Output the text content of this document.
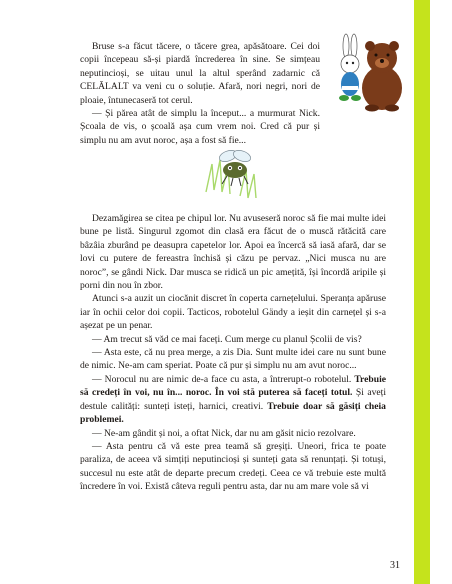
Bruse s-a făcut tăcere, o tăcere grea, apăsătoare. Cei doi copii începeau să-și piardă încrederea în sine. Se simțeau neputincioși, se uitau unul la altul sperând zadarnic că CELĂLALT va veni cu o soluție. Afară, nori negri, nori de ploaie, întunecaseră tot cerul.

— Și părea atât de simplu la început... a murmurat Nick. Școala de vis, o școală așa cum vrem noi. Cred că pur și simplu nu am avut noroc, așa a fost să fie...

Dezamăgirea se citea pe chipul lor. Nu avuseseră noroc să fie mai multe idei bune pe listă. Singurul zgomot din clasă era făcut de o muscă rătăcită care bâzâia zburând pe deasupra capetelor lor. Apoi ea încercă să iasă afară, dar se lovi cu putere de fereastra închisă și căzu pe pervaz. „Nici musca nu are noroc”, se gândi Nick. Dar musca se ridică un pic amețită, își încordă aripile și porni din nou în zbor.

Atunci s-a auzit un ciocănit discret în coperta carnețelului. Speranța apăruse iar în ochii celor doi copii. Tacticos, robotelul Gändy a ieșit din carnețel și s-a așezat pe un penar.

— Am trecut să văd ce mai faceți. Cum merge cu planul Școlii de vis?

— Asta este, că nu prea merge, a zis Dia. Sunt multe idei care nu sunt bune de nimic. Ne-am cam speriat. Poate că pur și simplu nu am avut noroc...

— Norocul nu are nimic de-a face cu asta, a întrerupt-o robotelul. Trebuie să credeți în voi, nu în... noroc. În voi stă puterea să faceți totul. Și aveți destule calități: sunteți isteți, harnici, creativi. Trebuie doar să găsiți cheia problemei.

— Ne-am gândit și noi, a oftat Nick, dar nu am găsit nicio rezolvare.

— Asta pentru că vă este prea teamă să greșiți. Uneori, frica te poate paraliza, de aceea vă simțiți neputincioși și sunteți gata să renunțați. Și totuși, succesul nu este atât de departe precum credeți. Ceea ce vă trebuie este multă încredere în voi. Există câteva reguli pentru asta, dar nu am mare vole să vi

31
